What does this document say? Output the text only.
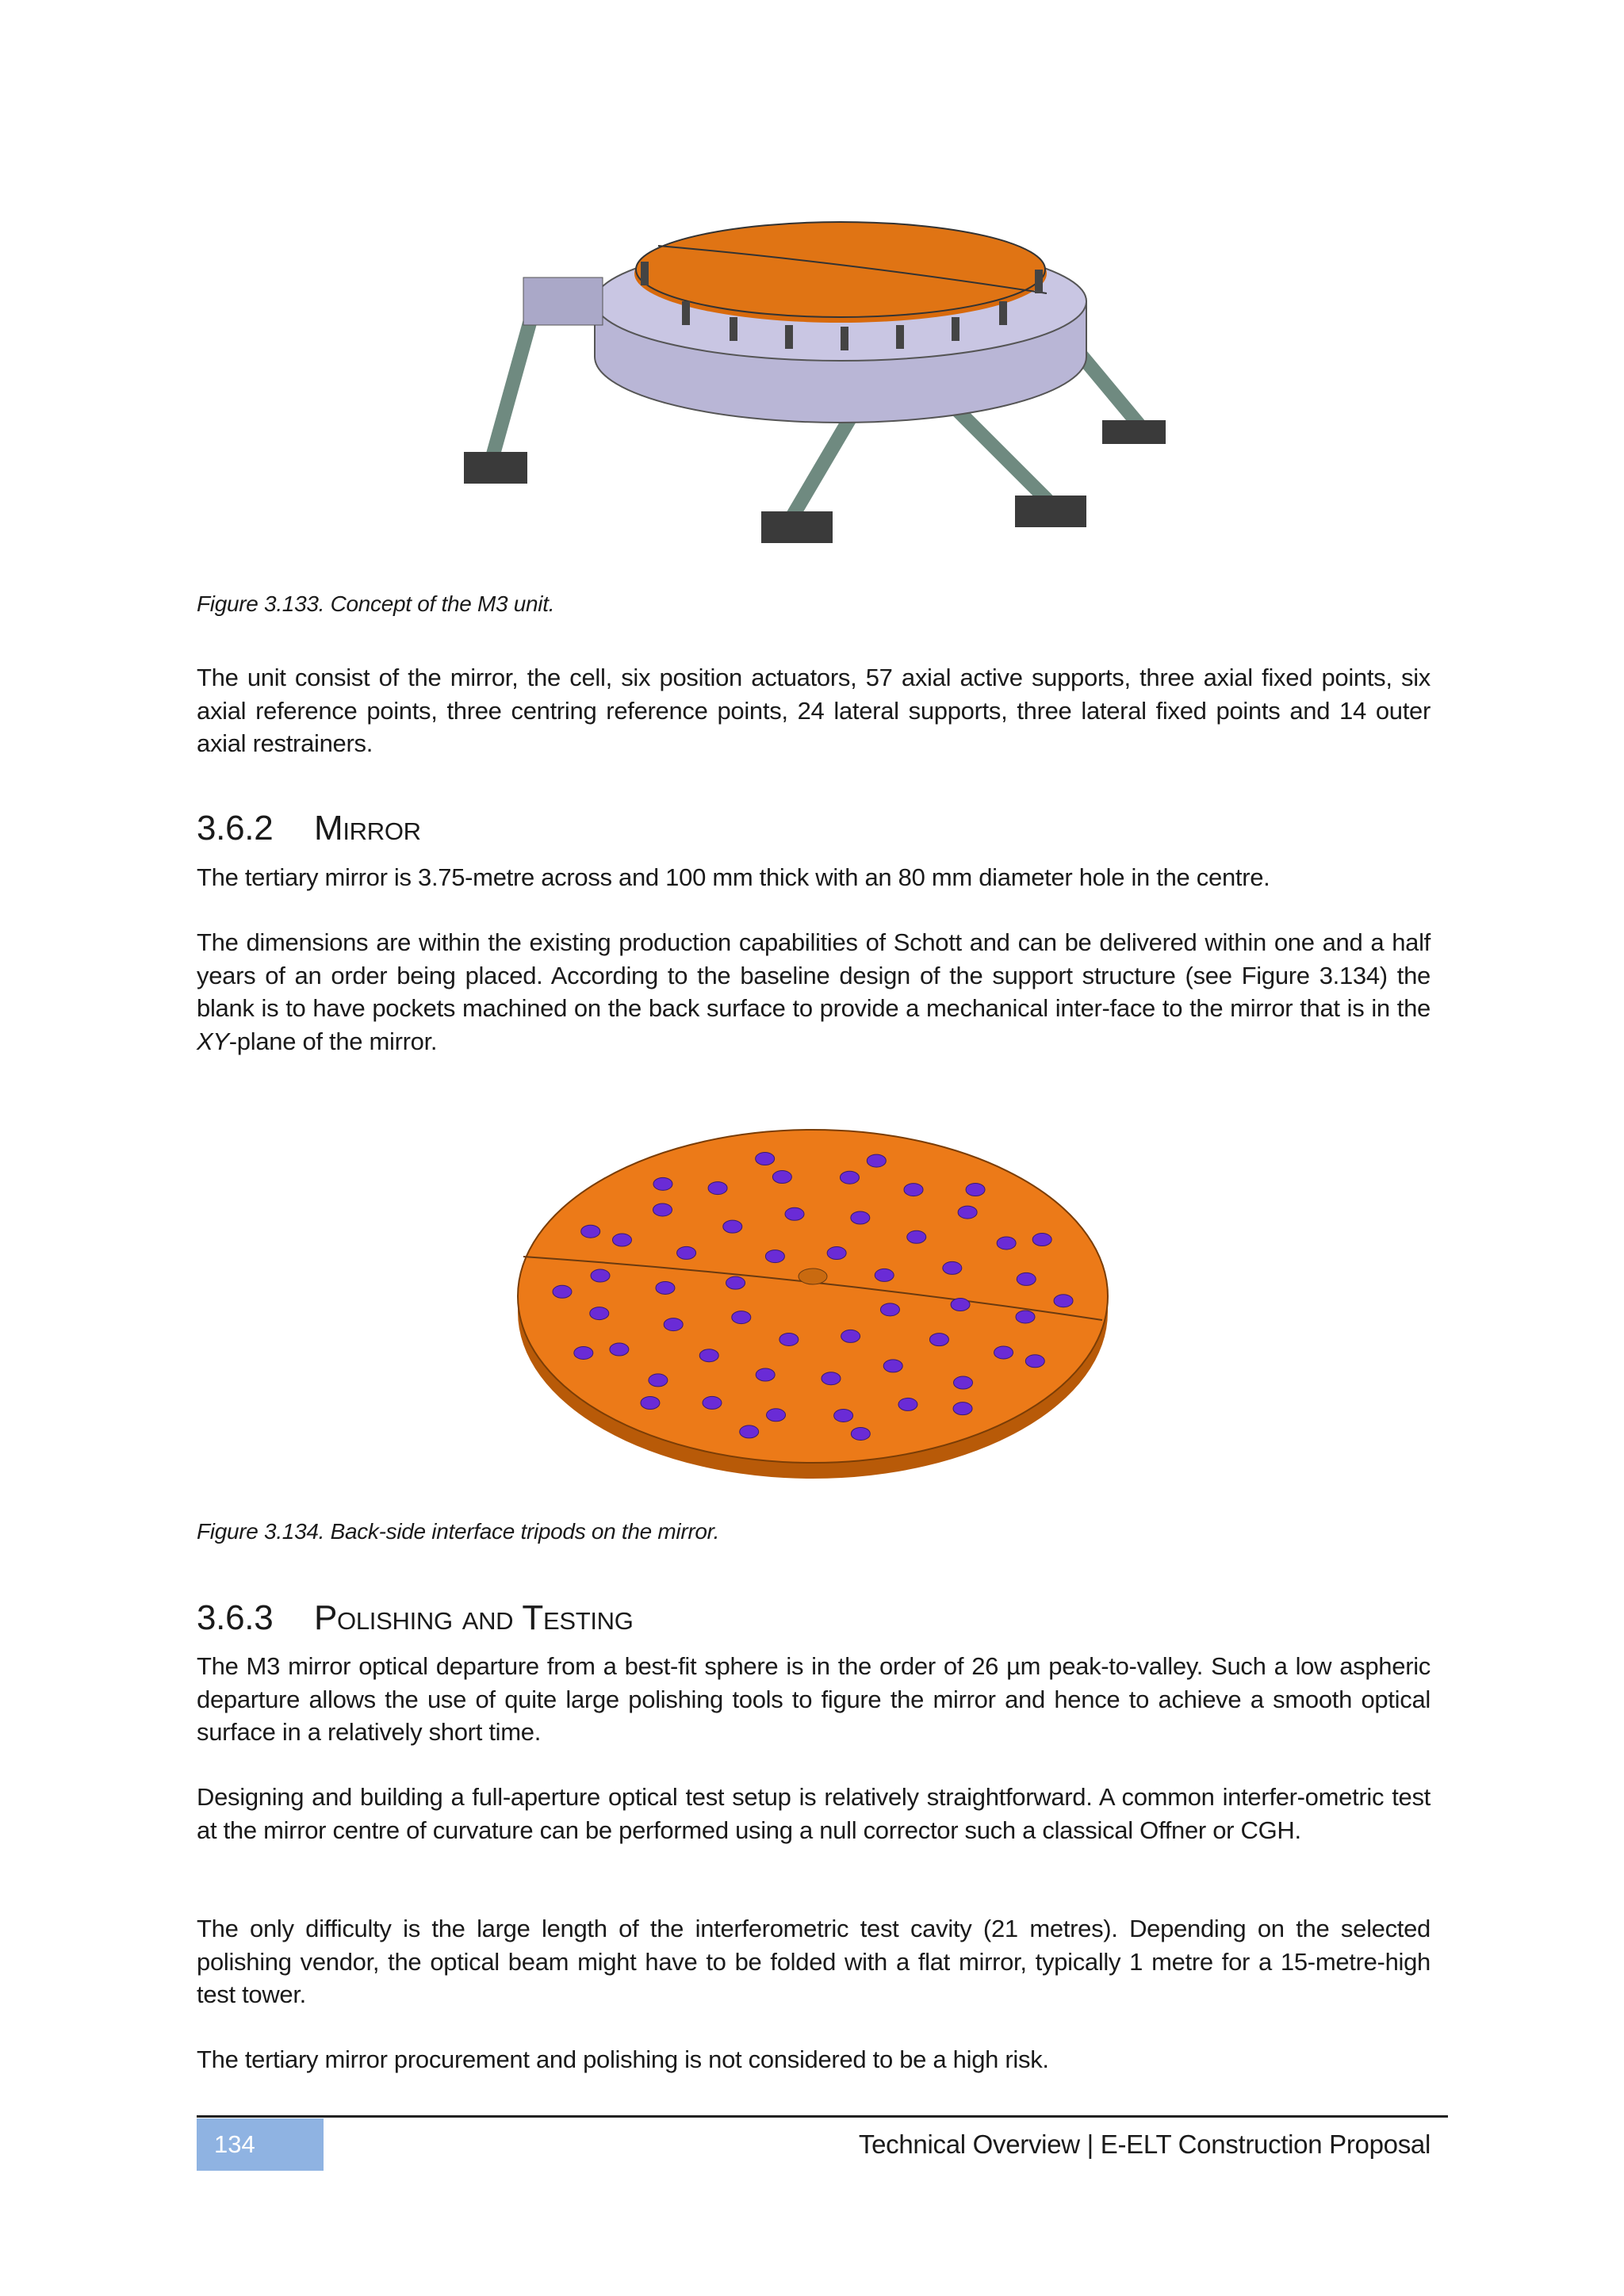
Figure 3.133. Concept of the M3 unit.
The unit consist of the mirror, the cell, six position actuators, 57 axial active supports, three axial fixed points, six axial reference points, three centring reference points, 24 lateral supports, three lateral fixed points and 14 outer axial restrainers.
3.6.2 Mirror
The tertiary mirror is 3.75-metre across and 100 mm thick with an 80 mm diameter hole in the centre.
The dimensions are within the existing production capabilities of Schott and can be delivered within one and a half years of an order being placed. According to the baseline design of the support structure (see Figure 3.134) the blank is to have pockets machined on the back surface to provide a mechanical inter-face to the mirror that is in the XY-plane of the mirror.
Figure 3.134. Back-side interface tripods on the mirror.
3.6.3 Polishing and Testing
The M3 mirror optical departure from a best-fit sphere is in the order of 26 µm peak-to-valley. Such a low aspheric departure allows the use of quite large polishing tools to figure the mirror and hence to achieve a smooth optical surface in a relatively short time.
Designing and building a full-aperture optical test setup is relatively straightforward. A common interfer-ometric test at the mirror centre of curvature can be performed using a null corrector such a classical Offner or CGH.
The only difficulty is the large length of the interferometric test cavity (21 metres). Depending on the selected polishing vendor, the optical beam might have to be folded with a flat mirror, typically 1 metre for a 15-metre-high test tower.
The tertiary mirror procurement and polishing is not considered to be a high risk.
134	Technical Overview | E-ELT Construction Proposal
